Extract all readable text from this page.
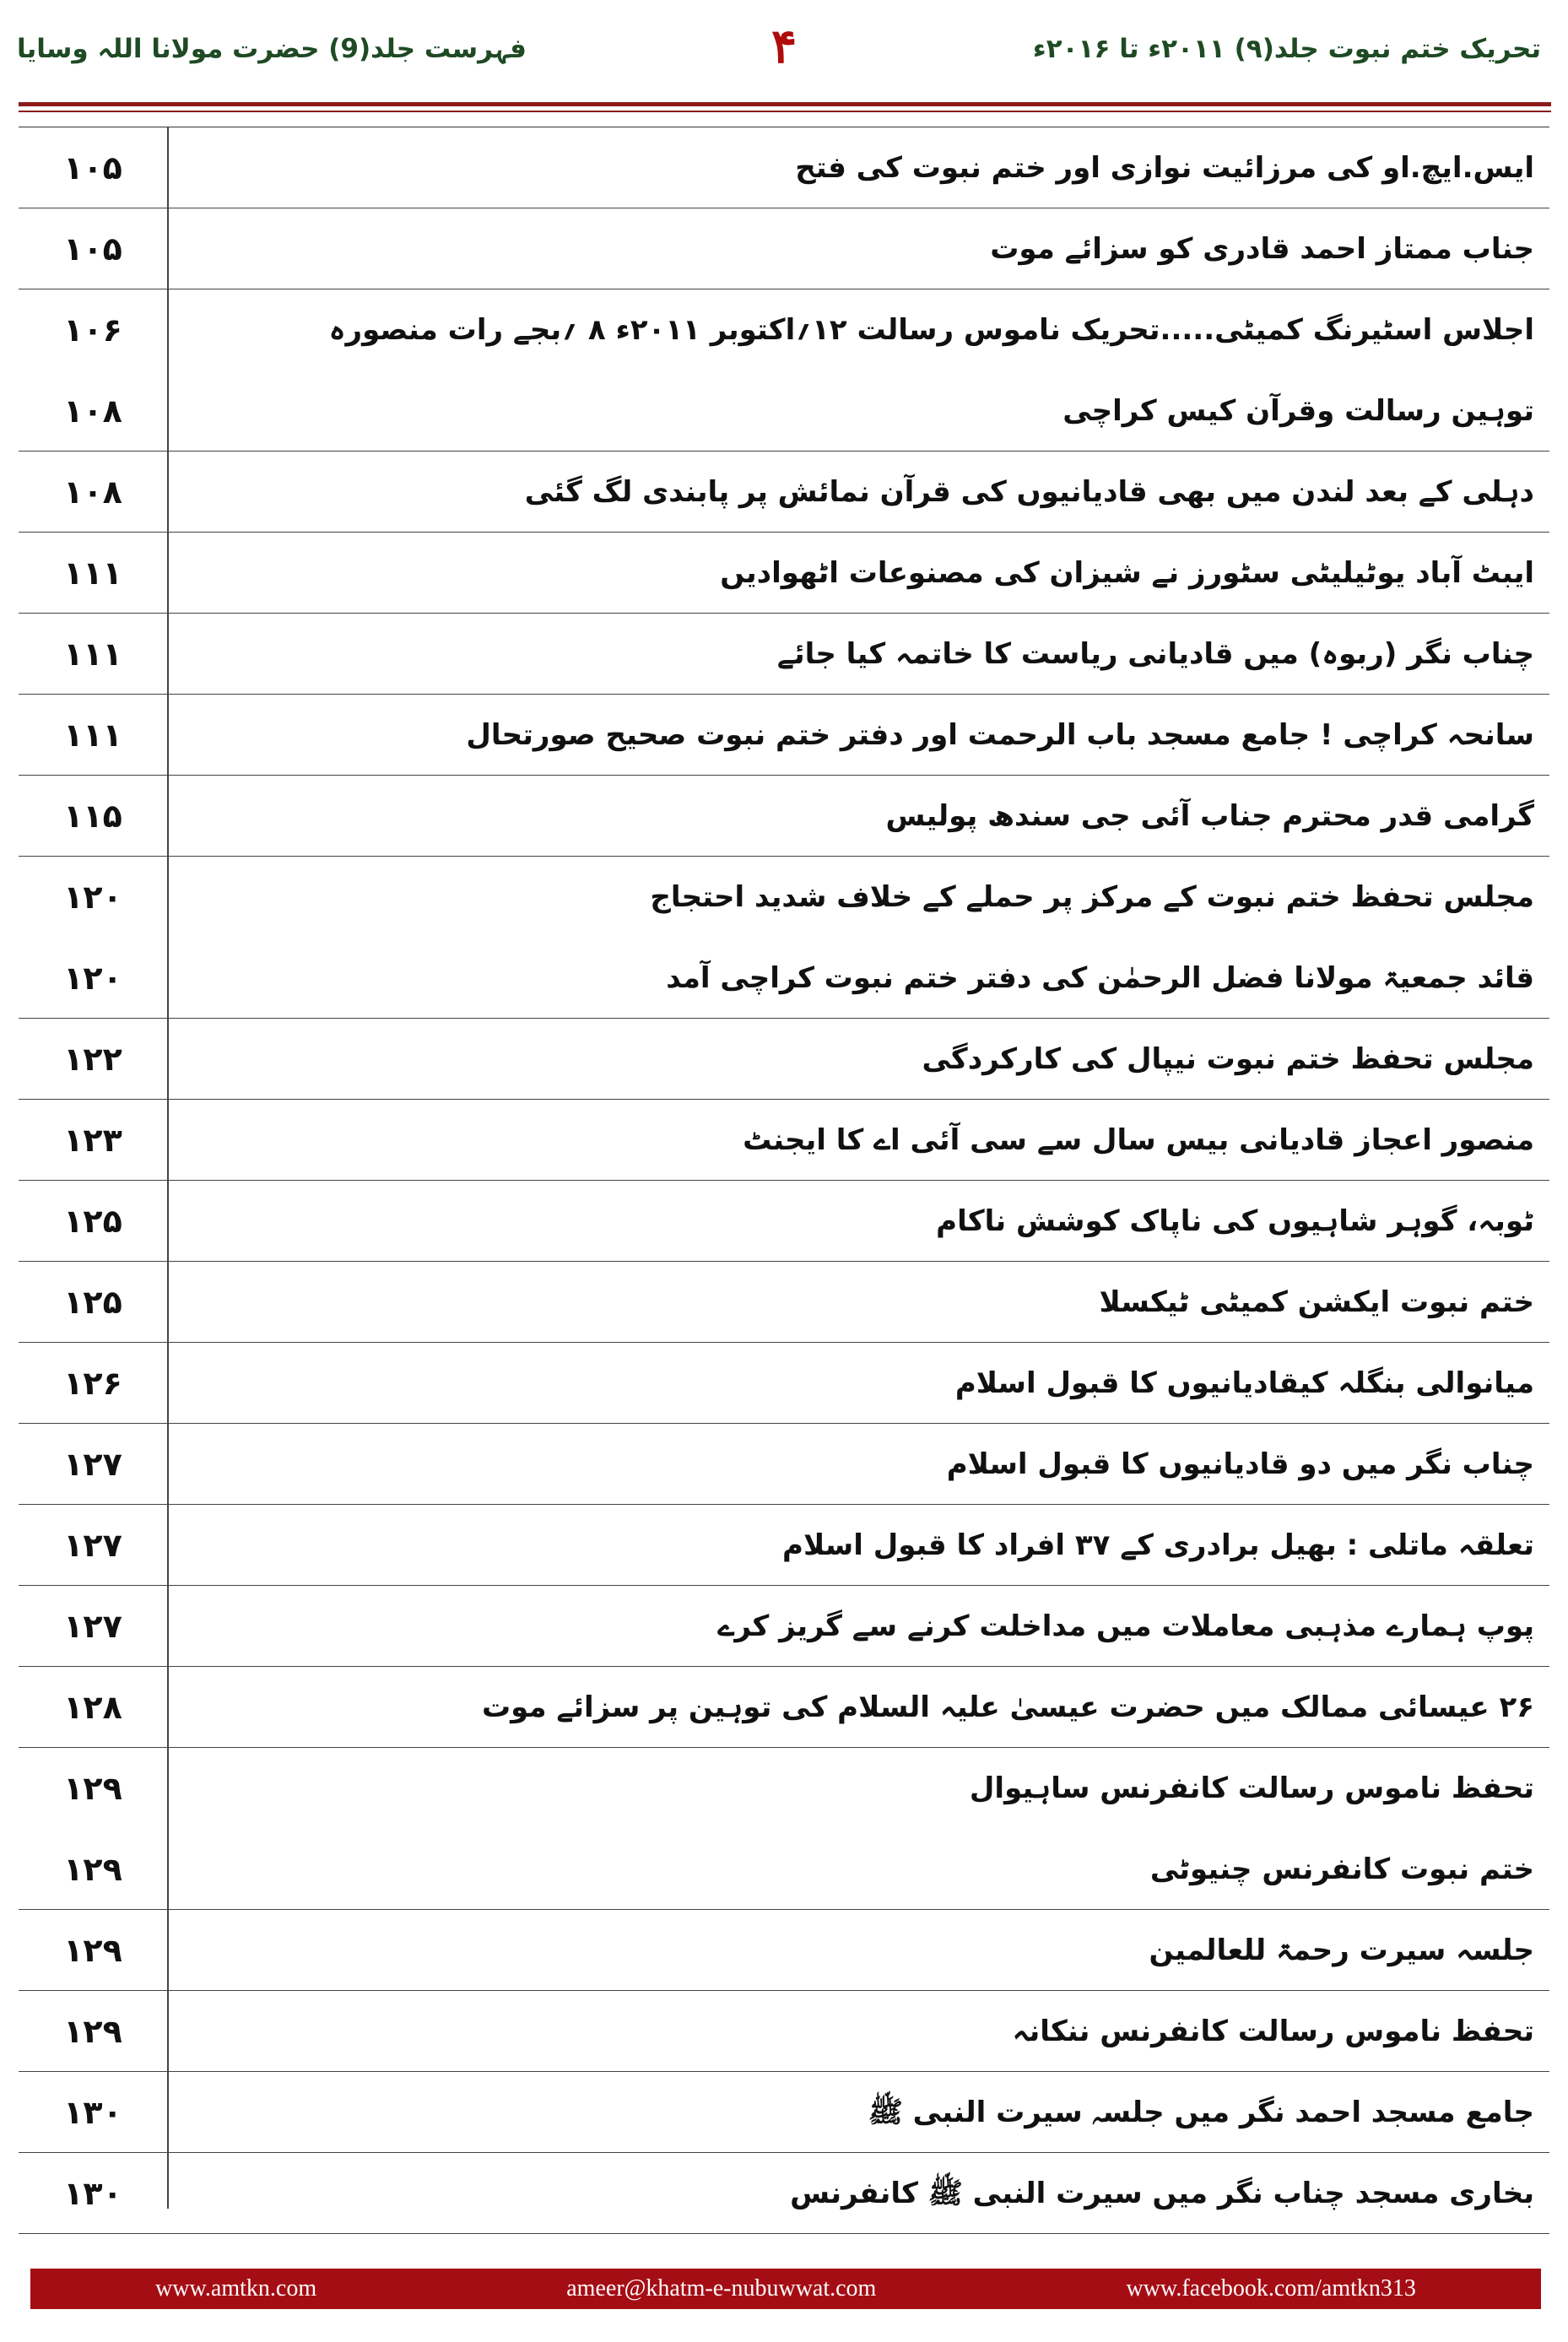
تحریک ختم نبوت جلد(۹) ۲۰۱۱ء تا ۲۰۱۶ء
۴
فہرست جلد(9) حضرت مولانا اللہ وسایا
۱۰۵	ایس.ایچ.او کی مرزائیت نوازی اور ختم نبوت کی فتح
۱۰۵	جناب ممتاز احمد قادری کو سزائے موت
۱۰۶	اجلاس اسٹیرنگ کمیٹی.....تحریک ناموس رسالت ۱۲؍اکتوبر ۲۰۱۱ء ۸ ؍بجے رات منصورہ
۱۰۸	توہین رسالت وقرآن کیس کراچی
۱۰۸	دہلی کے بعد لندن میں بھی قادیانیوں کی قرآن نمائش پر پابندی لگ گئی
۱۱۱	ایبٹ آباد یوٹیلیٹی سٹورز نے شیزان کی مصنوعات اٹھوادیں
۱۱۱	چناب نگر (ربوہ) میں قادیانی ریاست کا خاتمہ کیا جائے
۱۱۱	سانحہ کراچی ! جامع مسجد باب الرحمت اور دفتر ختم نبوت صحیح صورتحال
۱۱۵	گرامی قدر محترم جناب آئی جی سندھ پولیس
۱۲۰	مجلس تحفظ ختم نبوت کے مرکز پر حملے کے خلاف شدید احتجاج
۱۲۰	قائد جمعیۃ مولانا فضل الرحمٰن کی دفتر ختم نبوت کراچی آمد
۱۲۲	مجلس تحفظ ختم نبوت نیپال کی کارکردگی
۱۲۳	منصور اعجاز قادیانی بیس سال سے سی آئی اے کا ایجنٹ
۱۲۵	ٹوبہ، گوہر شاہیوں کی ناپاک کوشش ناکام
۱۲۵	ختم نبوت ایکشن کمیٹی ٹیکسلا
۱۲۶	میانوالی بنگلہ کیقادیانیوں کا قبول اسلام
۱۲۷	چناب نگر میں دو قادیانیوں کا قبول اسلام
۱۲۷	تعلقہ ماتلی : بھیل برادری کے ۳۷ افراد کا قبول اسلام
۱۲۷	پوپ ہمارے مذہبی معاملات میں مداخلت کرنے سے گریز کرے
۱۲۸	۲۶ عیسائی ممالک میں حضرت عیسیٰ علیہ السلام کی توہین پر سزائے موت
۱۲۹	تحفظ ناموس رسالت کانفرنس ساہیوال
۱۲۹	ختم نبوت کانفرنس چنیوٹی
۱۲۹	جلسہ سیرت رحمۃ للعالمین
۱۲۹	تحفظ ناموس رسالت کانفرنس ننکانہ
۱۳۰	جامع مسجد احمد نگر میں جلسہ سیرت النبی ﷺ
۱۳۰	بخاری مسجد چناب نگر میں سیرت النبی ﷺ کانفرنس
www.amtkn.com	ameer@khatm-e-nubuwwat.com	www.facebook.com/amtkn313
